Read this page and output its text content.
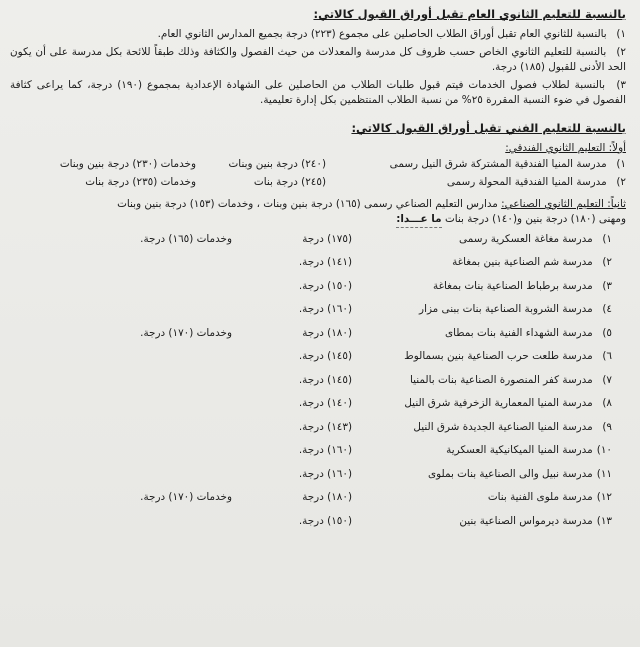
بالنسبة للتعليم الثانوي العام تقبل أوراق القبول كالاتي:
١) بالنسبة للثانوي العام تقبل أوراق الطلاب الحاصلين على مجموع (٢٢٣) درجة بجميع المدارس الثانوي العام.
٢) بالنسبة للتعليم الثانوي الخاص حسب ظروف كل مدرسة والمعدلات من حيث الفصول والكثافة وذلك طبقاً للائحة بكل مدرسة على أن يكون الحد الأدنى للقبول (١٨٥) درجة.
٣) بالنسبة لطلاب فصول الخدمات فيتم قبول طلبات الطلاب من الحاصلين على الشهادة الإعدادية بمجموع (١٩٠) درجة، كما يراعى كثافة الفصول في ضوء النسبة المقررة ٢٥% من نسبة الطلاب المنتظمين بكل إدارة تعليمية.
بالنسبة للتعليم الفني تقبل أوراق القبول كالاتي:
أولاً: التعليم الثانوي الفندقي:
١) مدرسة المنيا الفندقية المشتركة شرق النيل رسمى
(٢٤٠) درجة بنين وبنات
وخدمات (٢٣٠) درجة بنين وبنات
٢) مدرسة المنيا الفندقية المحولة رسمى
(٢٤٥) درجة بنات
وخدمات (٢٣٥) درجة بنات
ثانياً: التعليم الثانوي الصناعي: مدارس التعليم الصناعي رسمى (١٦٥) درجة بنين وبنات ، وخدمات (١٥٣) درجة بنين وبنات
ومهنى (١٨٠) درجة بنين و(١٤٠) درجة بنات ما عـــدا:
١) مدرسة مغاغة العسكرية رسمى
(١٧٥) درجة
وخدمات (١٦٥) درجة.
٢) مدرسة شم الصناعية بنين بمغاغة
(١٤١) درجة.
٣) مدرسة برطباط الصناعية بنات بمغاغة
(١٥٠) درجة.
٤) مدرسة الشروبة الصناعية بنات ببنى مزار
(١٦٠) درجة.
٥) مدرسة الشهداء الفنية بنات بمطاى
(١٨٠) درجة
وخدمات (١٧٠) درجة.
٦) مدرسة طلعت حرب الصناعية بنين بسمالوط
(١٤٥) درجة.
٧) مدرسة كفر المنصورة الصناعية بنات بالمنيا
(١٤٥) درجة.
٨) مدرسة المنيا المعمارية الزخرفية شرق النيل
(١٤٠) درجة.
٩) مدرسة المنيا الصناعية الجديدة شرق النيل
(١٤٣) درجة.
١٠) مدرسة المنيا الميكانيكية العسكرية
(١٦٠) درجة.
١١) مدرسة نبيل والى الصناعية بنات بملوى
(١٦٠) درجة.
١٢) مدرسة ملوى الفنية بنات
(١٨٠) درجة
وخدمات (١٧٠) درجة.
١٣) مدرسة ديرمواس الصناعية بنين
(١٥٠) درجة.
